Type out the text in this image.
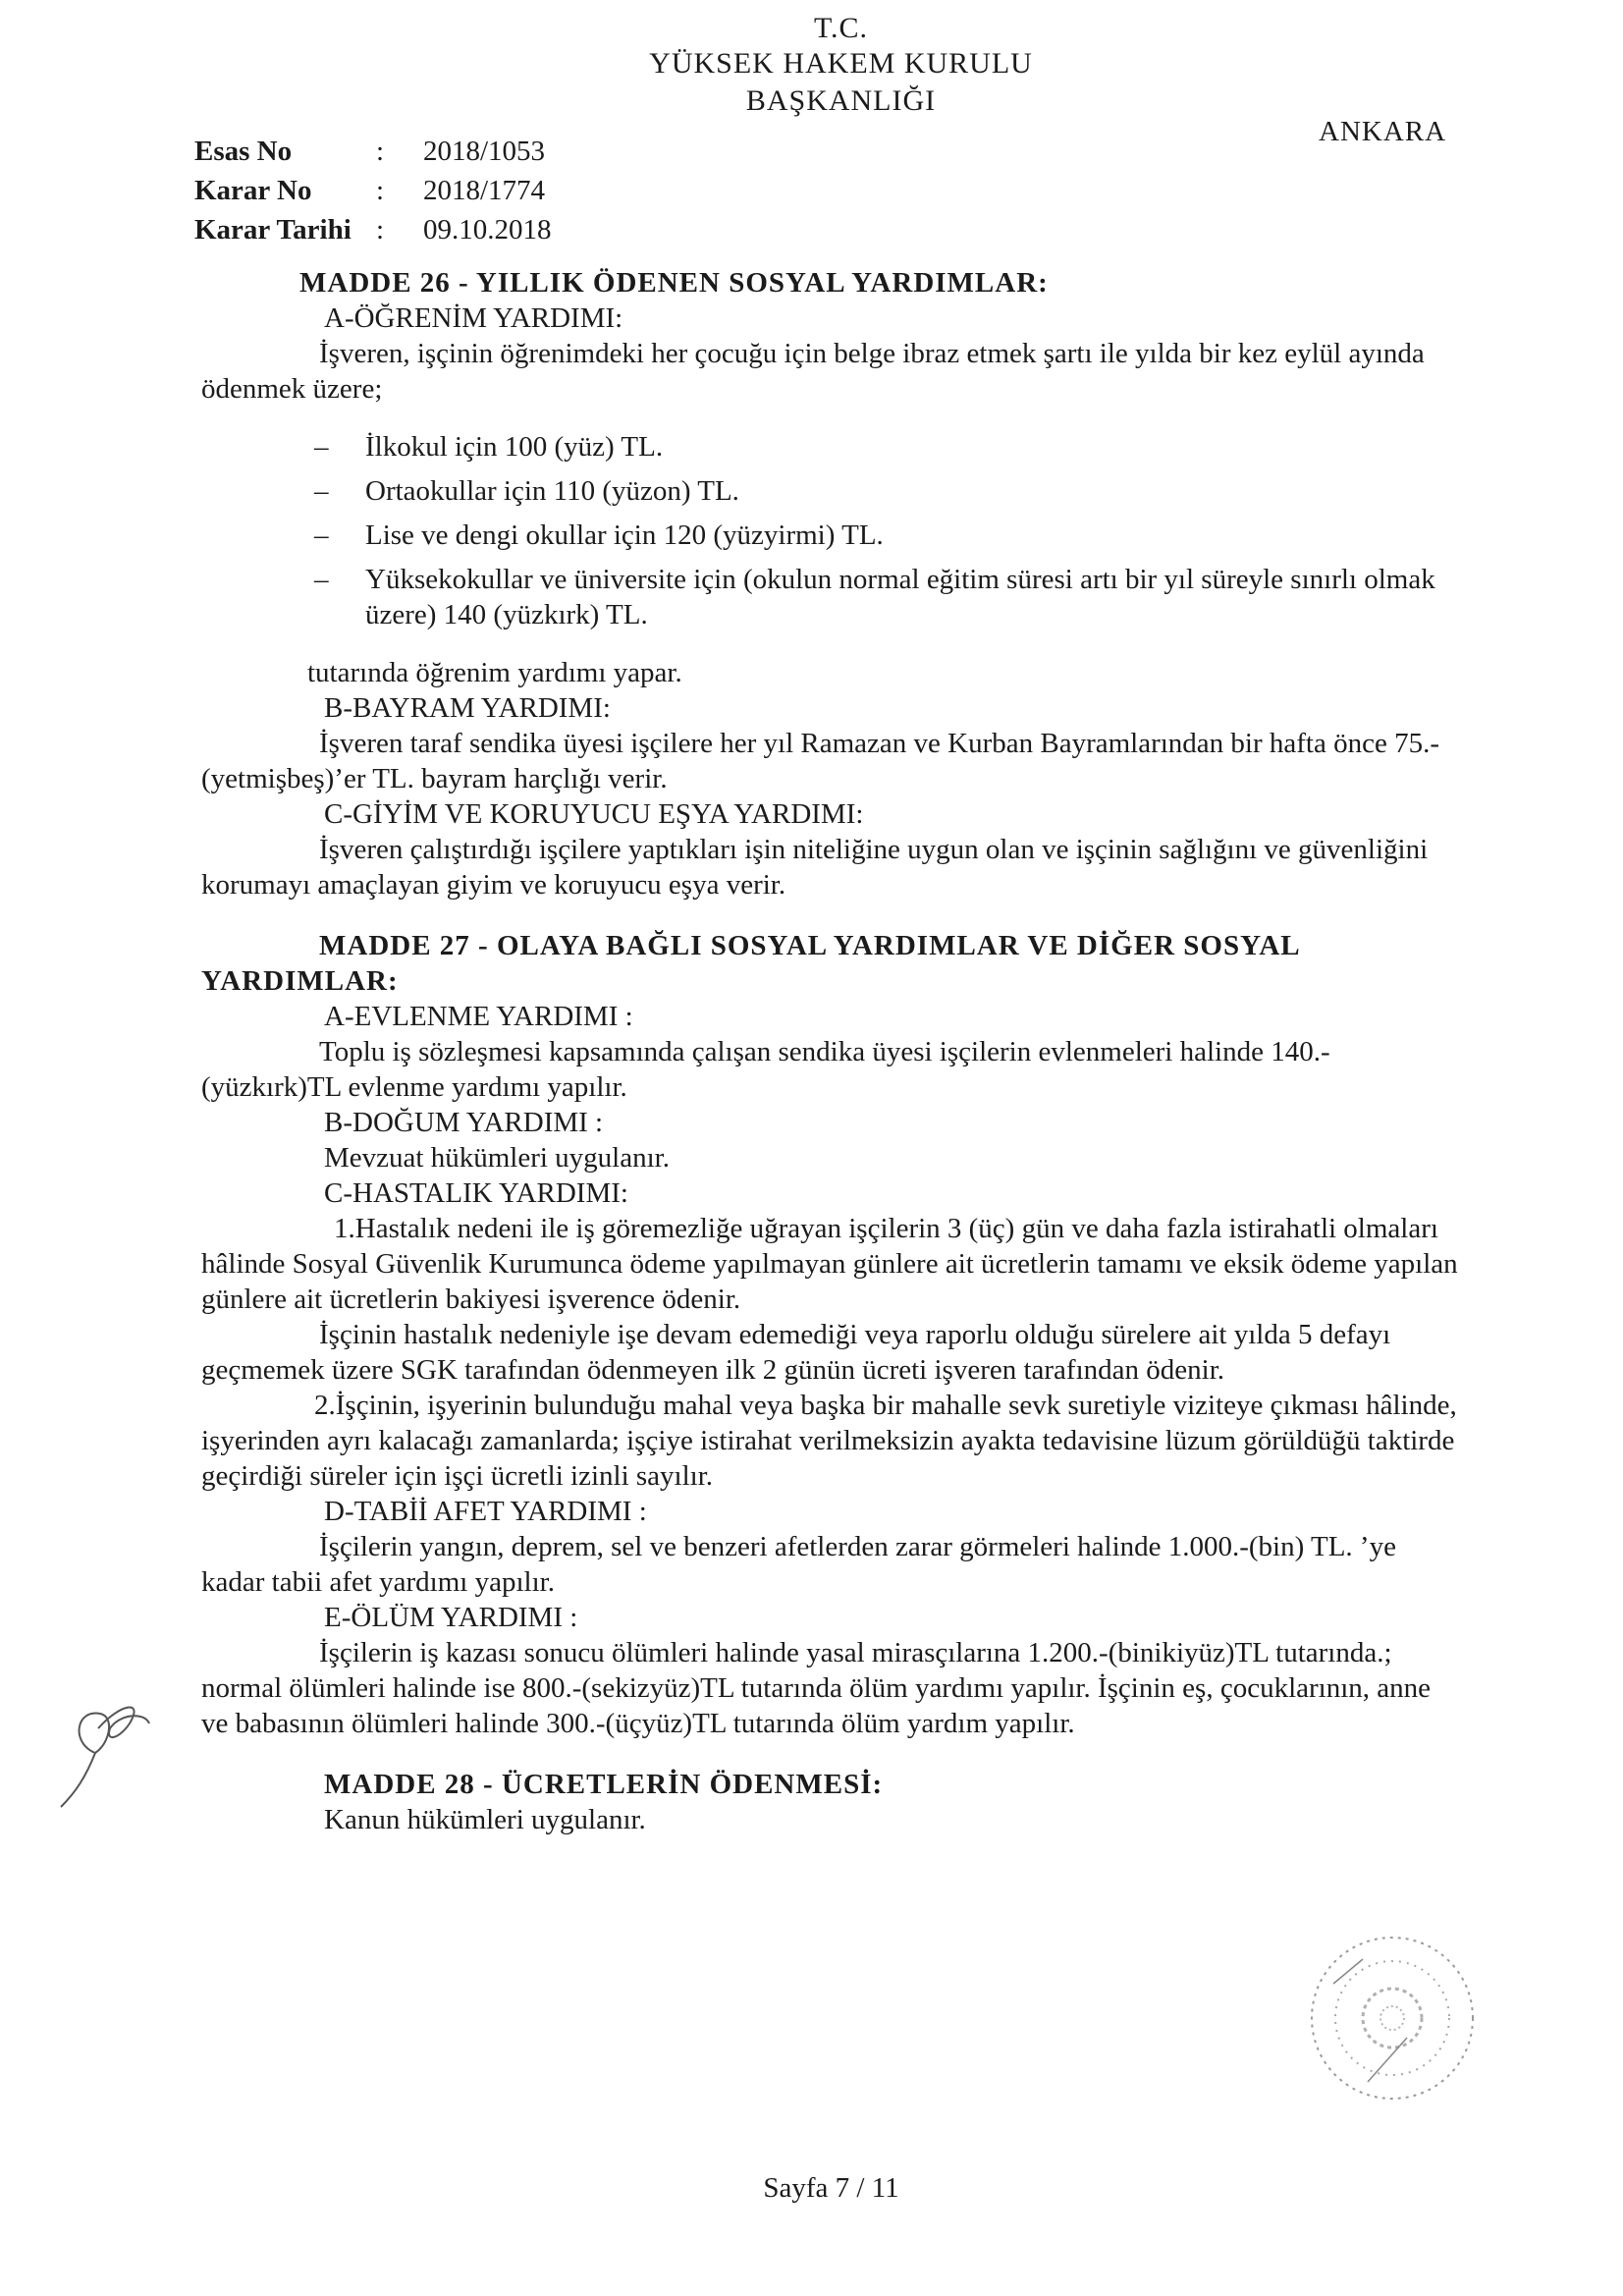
T.C.
YÜKSEK HAKEM KURULU
BAŞKANLIĞI
ANKARA
Esas No	:	2018/1053
Karar No	:	2018/1774
Karar Tarihi :	09.10.2018
MADDE 26 - YILLIK ÖDENEN SOSYAL YARDIMLAR:
A-ÖĞRENİM YARDIMI:
İşveren, işçinin öğrenimdeki her çocuğu için belge ibraz etmek şartı ile yılda bir kez eylül ayında ödenmek üzere;
–	İlkokul için 100 (yüz) TL.
–	Ortaokullar için 110 (yüzon) TL.
–	Lise ve dengi okullar için 120 (yüzyirmi) TL.
–	Yüksekokullar ve üniversite için (okulun normal eğitim süresi artı bir yıl süreyle sınırlı olmak üzere) 140 (yüzkırk) TL.
tutarında öğrenim yardımı yapar.
B-BAYRAM YARDIMI:
İşveren taraf sendika üyesi işçilere her yıl Ramazan ve Kurban Bayramlarından bir hafta önce 75.-(yetmişbeş)’er TL. bayram harçlığı verir.
C-GİYİM VE KORUYUCU EŞYA YARDIMI:
İşveren çalıştırdığı işçilere yaptıkları işin niteliğine uygun olan ve işçinin sağlığını ve güvenliğini korumayı amaçlayan giyim ve koruyucu eşya verir.
MADDE 27 - OLAYA BAĞLI SOSYAL YARDIMLAR VE DİĞER SOSYAL YARDIMLAR:
A-EVLENME YARDIMI :
Toplu iş sözleşmesi kapsamında çalışan sendika üyesi işçilerin evlenmeleri halinde 140.-(yüzkırk)TL evlenme yardımı yapılır.
B-DOĞUM YARDIMI :
Mevzuat hükümleri uygulanır.
C-HASTALIK YARDIMI:
1.Hastalık nedeni ile iş göremezliğe uğrayan işçilerin 3 (üç) gün ve daha fazla istirahatli olmaları hâlinde Sosyal Güvenlik Kurumunca ödeme yapılmayan günlere ait ücretlerin tamamı ve eksik ödeme yapılan günlere ait ücretlerin bakiyesi işverence ödenir.
İşçinin hastalık nedeniyle işe devam edemediği veya raporlu olduğu sürelere ait yılda 5 defayı geçmemek üzere SGK tarafından ödenmeyen ilk 2 günün ücreti işveren tarafından ödenir.
2.İşçinin, işyerinin bulunduğu mahal veya başka bir mahalle sevk suretiyle viziteye çıkması hâlinde, işyerinden ayrı kalacağı zamanlarda; işçiye istirahat verilmeksizin ayakta tedavisine lüzum görüldüğü taktirde geçirdiği süreler için işçi ücretli izinli sayılır.
D-TABİİ AFET YARDIMI :
İşçilerin yangın, deprem, sel ve benzeri afetlerden zarar görmeleri halinde 1.000.-(bin) TL. ’ye kadar tabii afet yardımı yapılır.
E-ÖLÜM YARDIMI :
İşçilerin iş kazası sonucu ölümleri halinde yasal mirasçılarına 1.200.-(binikiyüz)TL tutarında.; normal ölümleri halinde ise 800.-(sekizyüz)TL tutarında ölüm yardımı yapılır. İşçinin eş, çocuklarının, anne ve babasının ölümleri halinde 300.-(üçyüz)TL tutarında ölüm yardım yapılır.
MADDE 28 - ÜCRETLERİN ÖDENMESİ:
Kanun hükümleri uygulanır.
Sayfa 7 / 11
